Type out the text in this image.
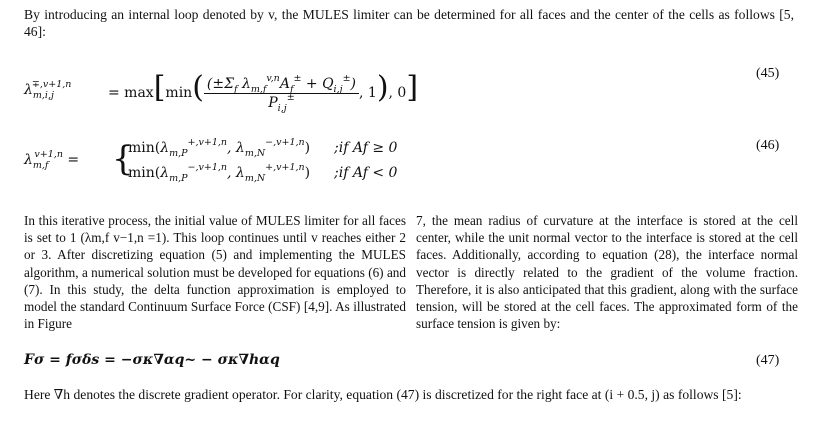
By introducing an internal loop denoted by v, the MULES limiter can be determined for all faces and the center of the cells as follows [5, 46]:
$\lambda_{m,i,j}^{\mp,v+1,n}$
= $\max[\min( \frac{(\pm\Sigma_f \lambda_{m,f}^{v,n}A_f^\pm + Q_{i,j}^\pm)}{P_{i,j}^\pm}$ , 1), 0]	(45)
$\lambda_{m,f}^{v+1,n}$ = {
$\min(\lambda_{m,P}^{+,v+1,n}$, $\lambda_{m,N}^{-,v+1,n}$) ;if Af ≥ 0
$\min(\lambda_{m,P}^{-,v+1,n}$, $\lambda_{m,N}^{+,v+1,n}$) ;if Af < 0
(46)
In this iterative process, the initial value of MULES limiter for all faces is set to 1 (λm,f v−1,n =1). This loop continues until v reaches either 2 or 3. After discretizing equation (5) and implementing the MULES algorithm, a numerical solution must be developed for equations (6) and (7). In this study, the delta function approximation is employed to model the standard Continuum Surface Force (CSF) [4,9]. As illustrated in Figure
7, the mean radius of curvature at the interface is stored at the cell center, while the unit normal vector to the interface is stored at the cell faces. Additionally, according to equation (28), the interface normal vector is directly related to the gradient of the volume fraction. Therefore, it is also anticipated that this gradient, along with the surface tension, will be stored at the cell faces. The approximated form of the surface tension is given by:
Fσ = fσδs = −σκ∇αq~ − σκ∇hαq	(47)
Here ∇h denotes the discrete gradient operator. For clarity, equation (47) is discretized for the right face at (i + 0.5, j) as follows [5]:
